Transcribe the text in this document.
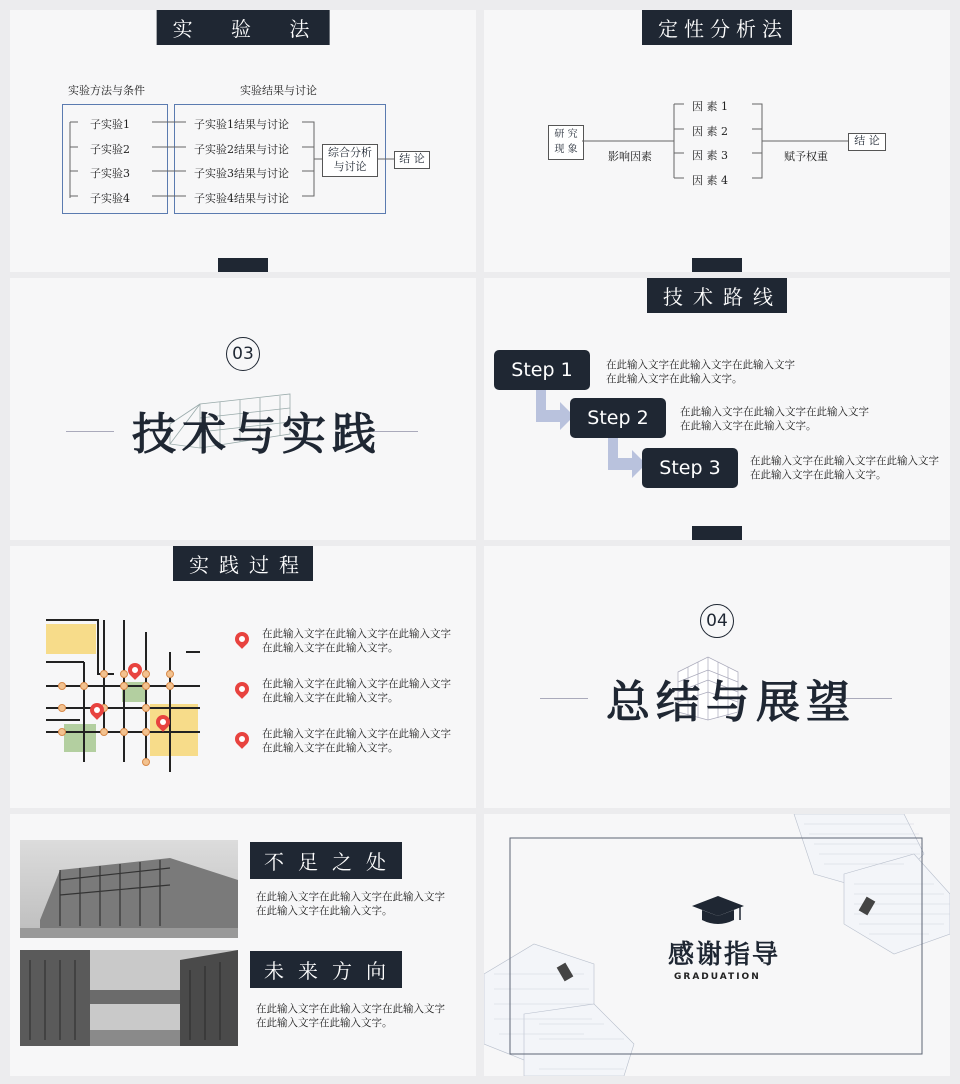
实 验 法
实验方法与条件	实验结果与讨论
子实验1
子实验2
子实验3
子实验4
子实验1结果与讨论
子实验2结果与讨论
子实验3结果与讨论
子实验4结果与讨论
综合分析与讨论
结 论
定性分析法
研 究 现 象
影响因素
因 素 1
因 素 2
因 素 3
因 素 4
赋予权重
结 论
03
技术与实践
技术路线
Step 1
Step 2
Step 3
在此输入文字在此输入文字在此输入文字在此输入文字在此输入文字。
在此输入文字在此输入文字在此输入文字在此输入文字在此输入文字。
在此输入文字在此输入文字在此输入文字在此输入文字在此输入文字。
实践过程
在此输入文字在此输入文字在此输入文字在此输入文字在此输入文字。
在此输入文字在此输入文字在此输入文字在此输入文字在此输入文字。
在此输入文字在此输入文字在此输入文字在此输入文字在此输入文字。
04
总结与展望
不足之处
在此输入文字在此输入文字在此输入文字在此输入文字在此输入文字。
未来方向
在此输入文字在此输入文字在此输入文字在此输入文字在此输入文字。
感谢指导
GRADUATION
